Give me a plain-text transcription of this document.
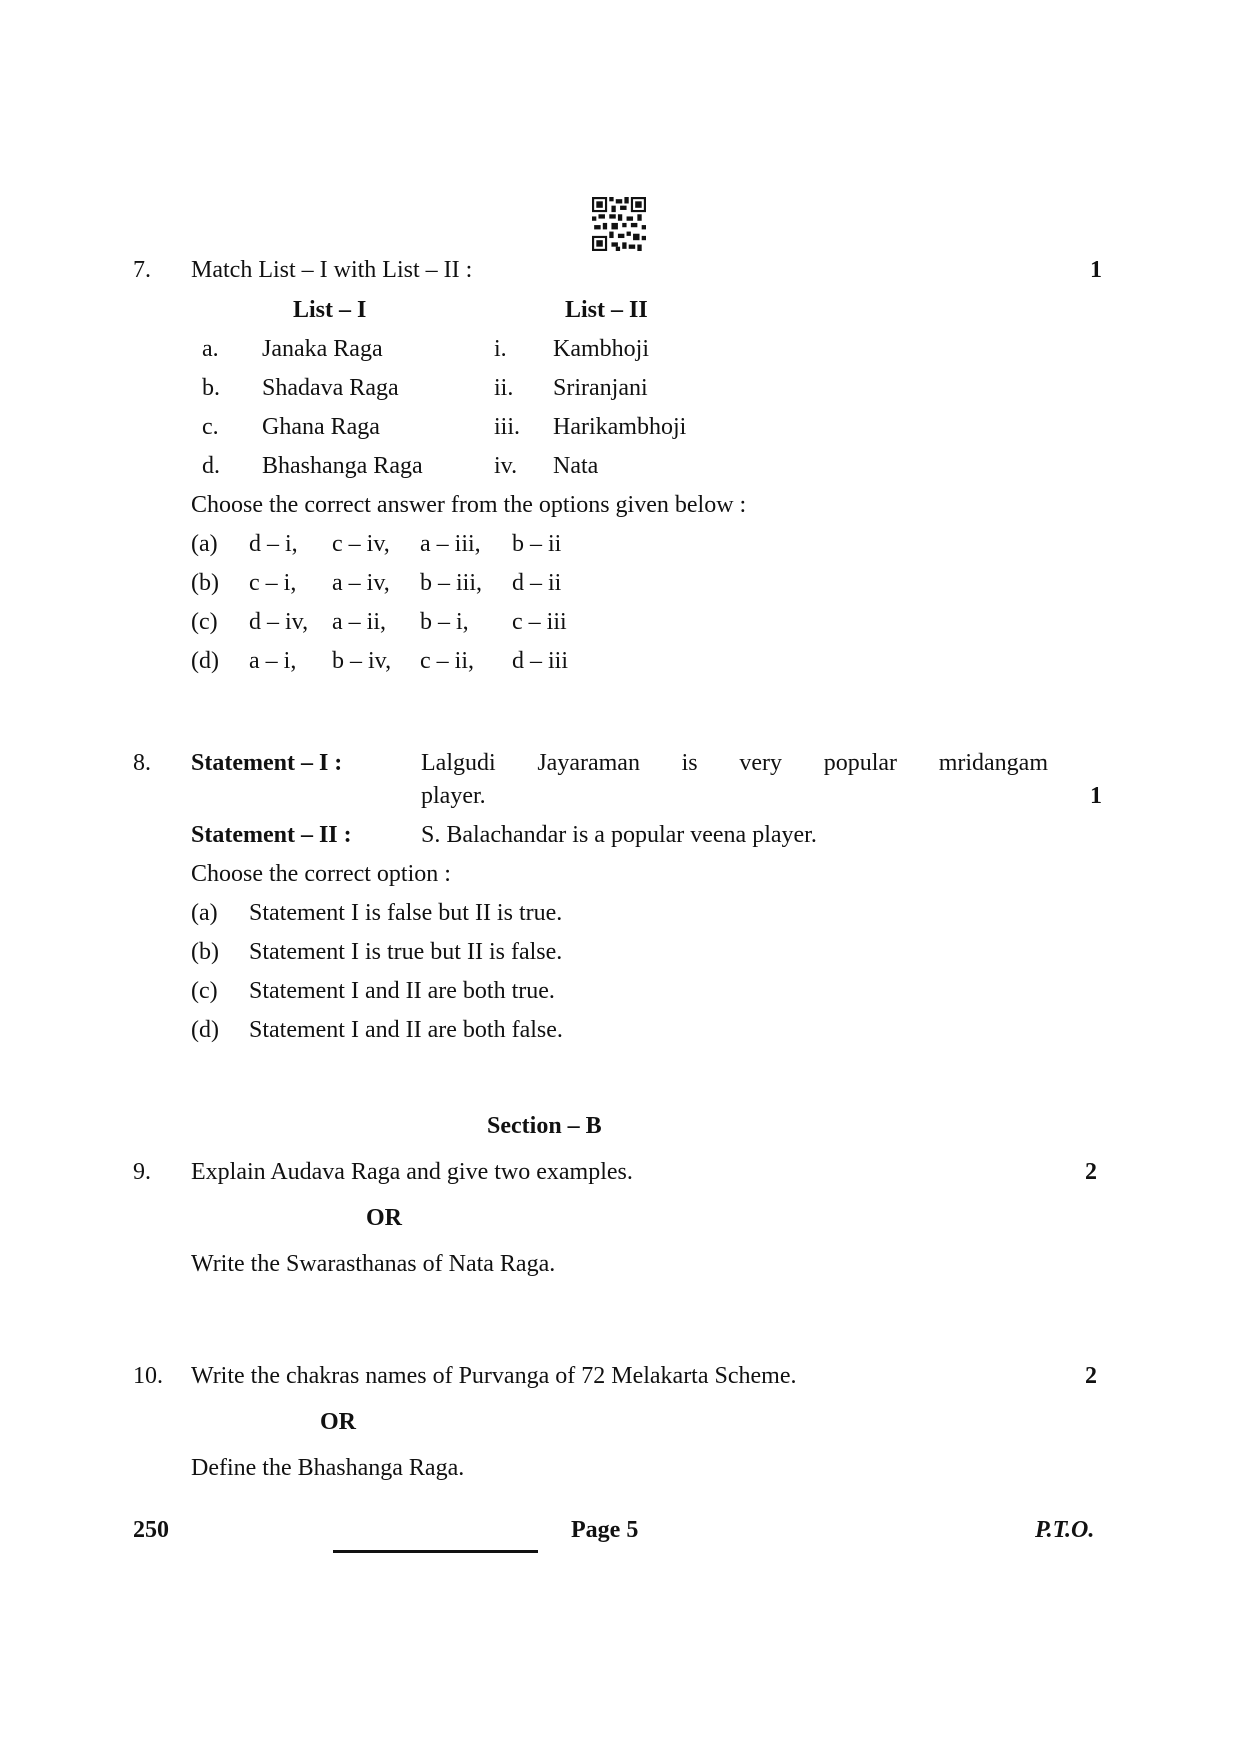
7. Match List – I with List – II :	1
List – I	List – II
a. Janaka Raga	i. Kambhoji
b. Shadava Raga	ii. Sriranjani
c. Ghana Raga	iii. Harikambhoji
d. Bhashanga Raga	iv. Nata
Choose the correct answer from the options given below :
(a) d – i, c – iv, a – iii, b – ii
(b) c – i, a – iv, b – iii, d – ii
(c) d – iv, a – ii, b – i, c – iii
(d) a – i, b – iv, c – ii, d – iii
8. Statement – I :	Lalgudi Jayaraman is very popular mridangam
player.	1
Statement – II :	S. Balachandar is a popular veena player.
Choose the correct option :
(a) Statement I is false but II is true.
(b) Statement I is true but II is false.
(c) Statement I and II are both true.
(d) Statement I and II are both false.
Section – B
9. Explain Audava Raga and give two examples.	2
OR
Write the Swarasthanas of Nata Raga.
10. Write the chakras names of Purvanga of 72 Melakarta Scheme.	2
OR
Define the Bhashanga Raga.
250	Page 5	P.T.O.
